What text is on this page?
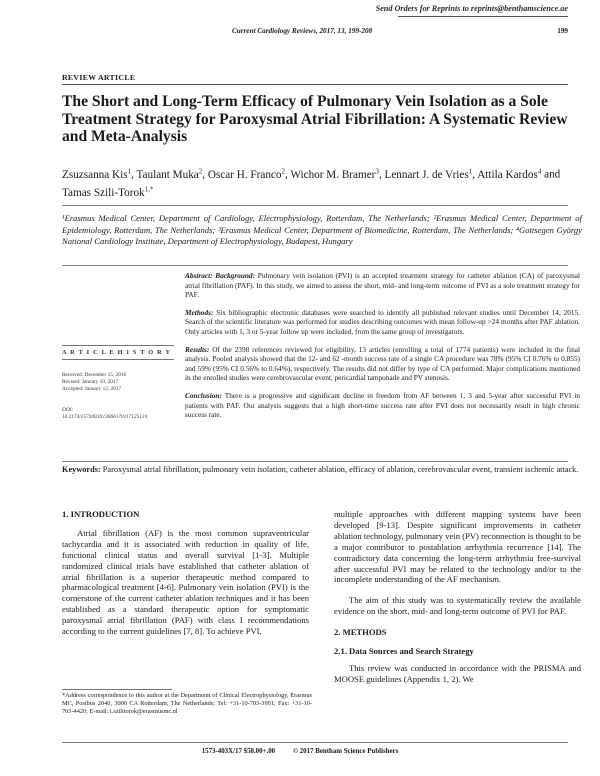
Send Orders for Reprints to reprints@benthamscience.ae
Current Cardiology Reviews, 2017, 13, 199-208	199
REVIEW ARTICLE
The Short and Long-Term Efficacy of Pulmonary Vein Isolation as a Sole Treatment Strategy for Paroxysmal Atrial Fibrillation: A Systematic Review and Meta-Analysis
Zsuzsanna Kis$^1$, Taulant Muka$^2$, Oscar H. Franco$^2$, Wichor M. Bramer$^3$, Lennart J. de Vries$^1$, Attila Kardos$^4$ and Tamas Szili-Torok$^{1,*}$
¹Erasmus Medical Center, Department of Cardiology, Electrophysiology, Rotterdam, The Netherlands; ²Erasmus Medical Center, Department of Epidemiology, Rotterdam, The Netherlands; ³Erasmus Medical Center, Department of Biomedicine, Rotterdam, The Netherlands; ⁴Gottsegen György National Cardiology Institute, Department of Electrophysiology, Budapest, Hungary
A R T I C L E H I S T O R Y
Received: December 15, 2016
Revised: January 10, 2017
Accepted: January 12, 2017
DOI:
10.2174/1573403X13666170117125124

Abstract: Background: Pulmonary vein isolation (PVI) is an accepted treatment strategy for catheter ablation (CA) of paroxysmal atrial fibrillation (PAF). In this study, we aimed to assess the short, mid- and long-term outcome of PVI as a sole treatment strategy for PAF.

Methods: Six bibliographic electronic databases were searched to identify all published relevant studies until December 14, 2015. Search of the scientific literature was performed for studies describing outcomes with mean follow-up >24 months after PAF ablation. Only articles with 1, 3 or 5-year follow up were included, from the same group of investigators.

Results: Of the 2398 references reviewed for eligibility, 13 articles (enrolling a total of 1774 patients) were included in the final analysis. Pooled analysis showed that the 12- and 62 -month success rate of a single CA procedure was 78% (95% CI 0.76% to 0.855) and 59% (95% CI 0.56% to 0.64%), respectively. The results did not differ by type of CA performed. Major complications mentioned in the enrolled studies were cerebrovascular event, pericardial tamponade and PV stenosis.

Conclusion: There is a progressive and significant decline in freedom from AF between 1, 3 and 5-year after successful PVI in patients with PAF. Our analysis suggests that a high short-time success rate after PVI does not necessarily result in high chronic success rate.

Keywords: Paroxysmal atrial fibrillation, pulmonary vein isolation, catheter ablation, efficacy of ablation, cerebrovascular event, transient ischemic attack.
1. INTRODUCTION

Atrial fibrillation (AF) is the most common supraventricular tachycardia and it is associated with reduction in quality of life, functional clinical status and overall survival [1-3]. Multiple randomized clinical trials have established that catheter ablation of atrial fibrillation is a superior therapeutic method compared to pharmacological treatment [4-6]. Pulmonary vein isolation (PVI) is the cornerstone of the current catheter ablation techniques and it has been established as a standard therapeutic option for symptomatic paroxysmal atrial fibrillation (PAF) with class I recommendations according to the current guidelines [7, 8]. To achieve PVI,

multiple approaches with different mapping systems have been developed [9-13]. Despite significant improvements in catheter ablation technology, pulmonary vein (PV) reconnection is thought to be a major contributor to postablation arrhythmia recurrence [14]. The contradictory data concerning the long-term arrhythmia free-survival after successful PVI may be related to the technology and/or to the incomplete understanding of the AF mechanism.

The aim of this study was to systematically review the available evidence on the short, mid- and long-term outcome of PVI for PAF.

2. METHODS
2.1. Data Sources and Search Strategy

This review was conducted in accordance with the PRISMA and MOOSE guidelines (Appendix 1, 2). We

*Address correspondence to this author at the Department of Clinical Electrophysiology, Erasmus MC, Postbus 2040, 3000 CA Rotterdam, The Netherlands; Tel: +31-10-703-3991; Fax: +31-10-703-4420; E-mail: t.szilitorok@erasmusmc.nl
1573-403X/17 $58.00+.00	© 2017 Bentham Science Publishers
